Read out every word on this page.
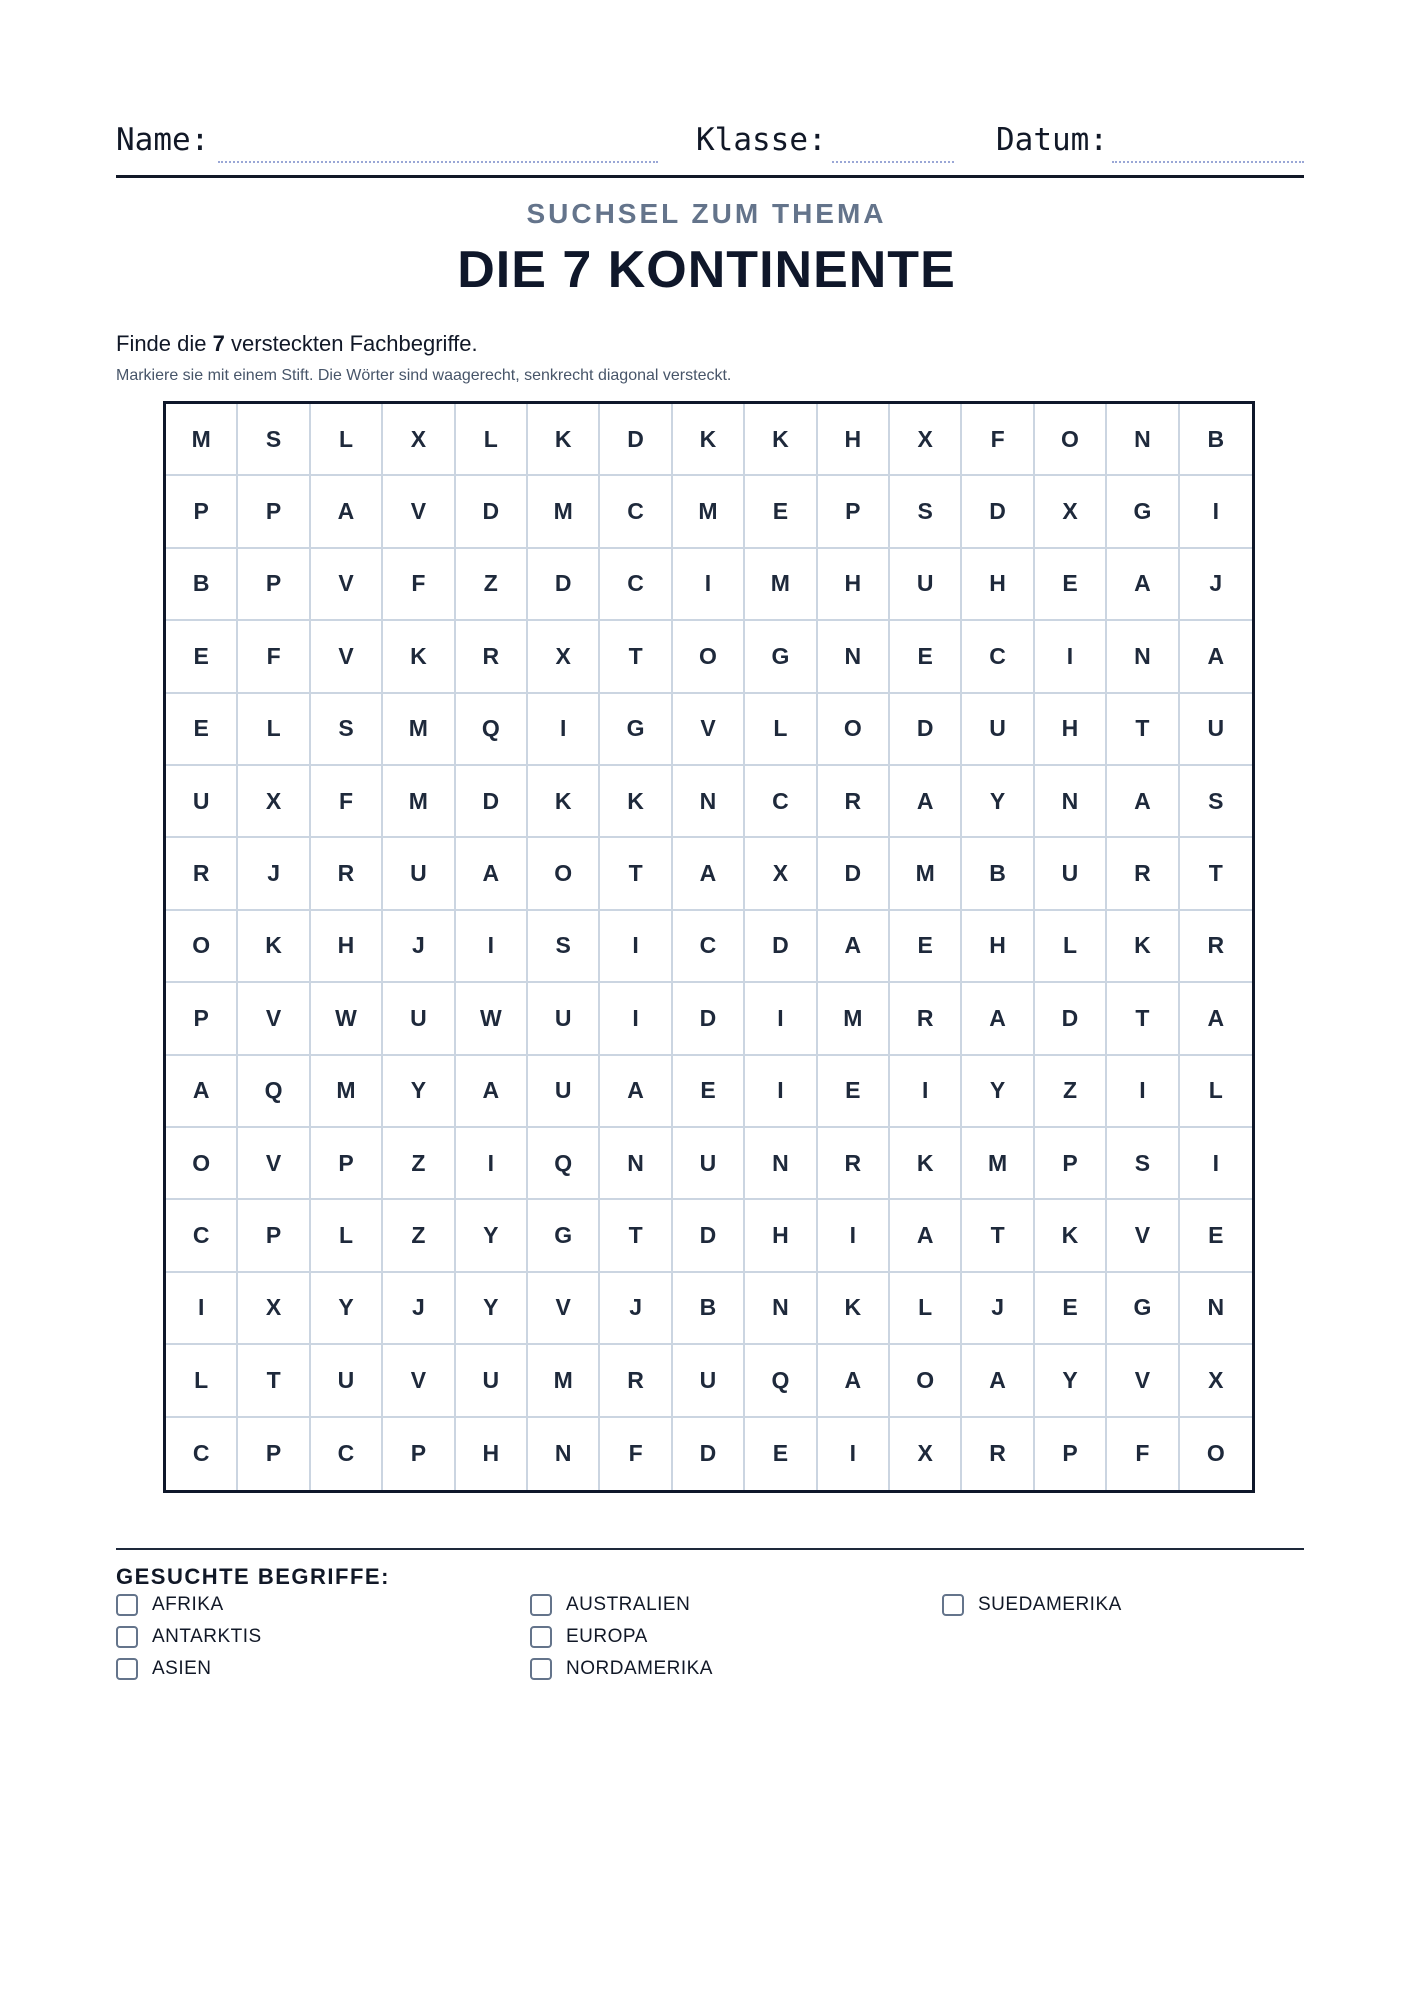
Name:	Klasse:	Datum:
SUCHSEL ZUM THEMA
DIE 7 KONTINENTE
Finde die 7 versteckten Fachbegriffe.
Markiere sie mit einem Stift. Die Wörter sind waagerecht, senkrecht diagonal versteckt.
M	S	L	X	L	K	D	K	K	H	X	F	O	N	B
P	P	A	V	D	M	C	M	E	P	S	D	X	G	I
B	P	V	F	Z	D	C	I	M	H	U	H	E	A	J
E	F	V	K	R	X	T	O	G	N	E	C	I	N	A
E	L	S	M	Q	I	G	V	L	O	D	U	H	T	U
U	X	F	M	D	K	K	N	C	R	A	Y	N	A	S
R	J	R	U	A	O	T	A	X	D	M	B	U	R	T
O	K	H	J	I	S	I	C	D	A	E	H	L	K	R
P	V	W	U	W	U	I	D	I	M	R	A	D	T	A
A	Q	M	Y	A	U	A	E	I	E	I	Y	Z	I	L
O	V	P	Z	I	Q	N	U	N	R	K	M	P	S	I
C	P	L	Z	Y	G	T	D	H	I	A	T	K	V	E
I	X	Y	J	Y	V	J	B	N	K	L	J	E	G	N
L	T	U	V	U	M	R	U	Q	A	O	A	Y	V	X
C	P	C	P	H	N	F	D	E	I	X	R	P	F	O
GESUCHTE BEGRIFFE:
AFRIKA
ANTARKTIS
ASIEN
AUSTRALIEN
EUROPA
NORDAMERIKA
SUEDAMERIKA
